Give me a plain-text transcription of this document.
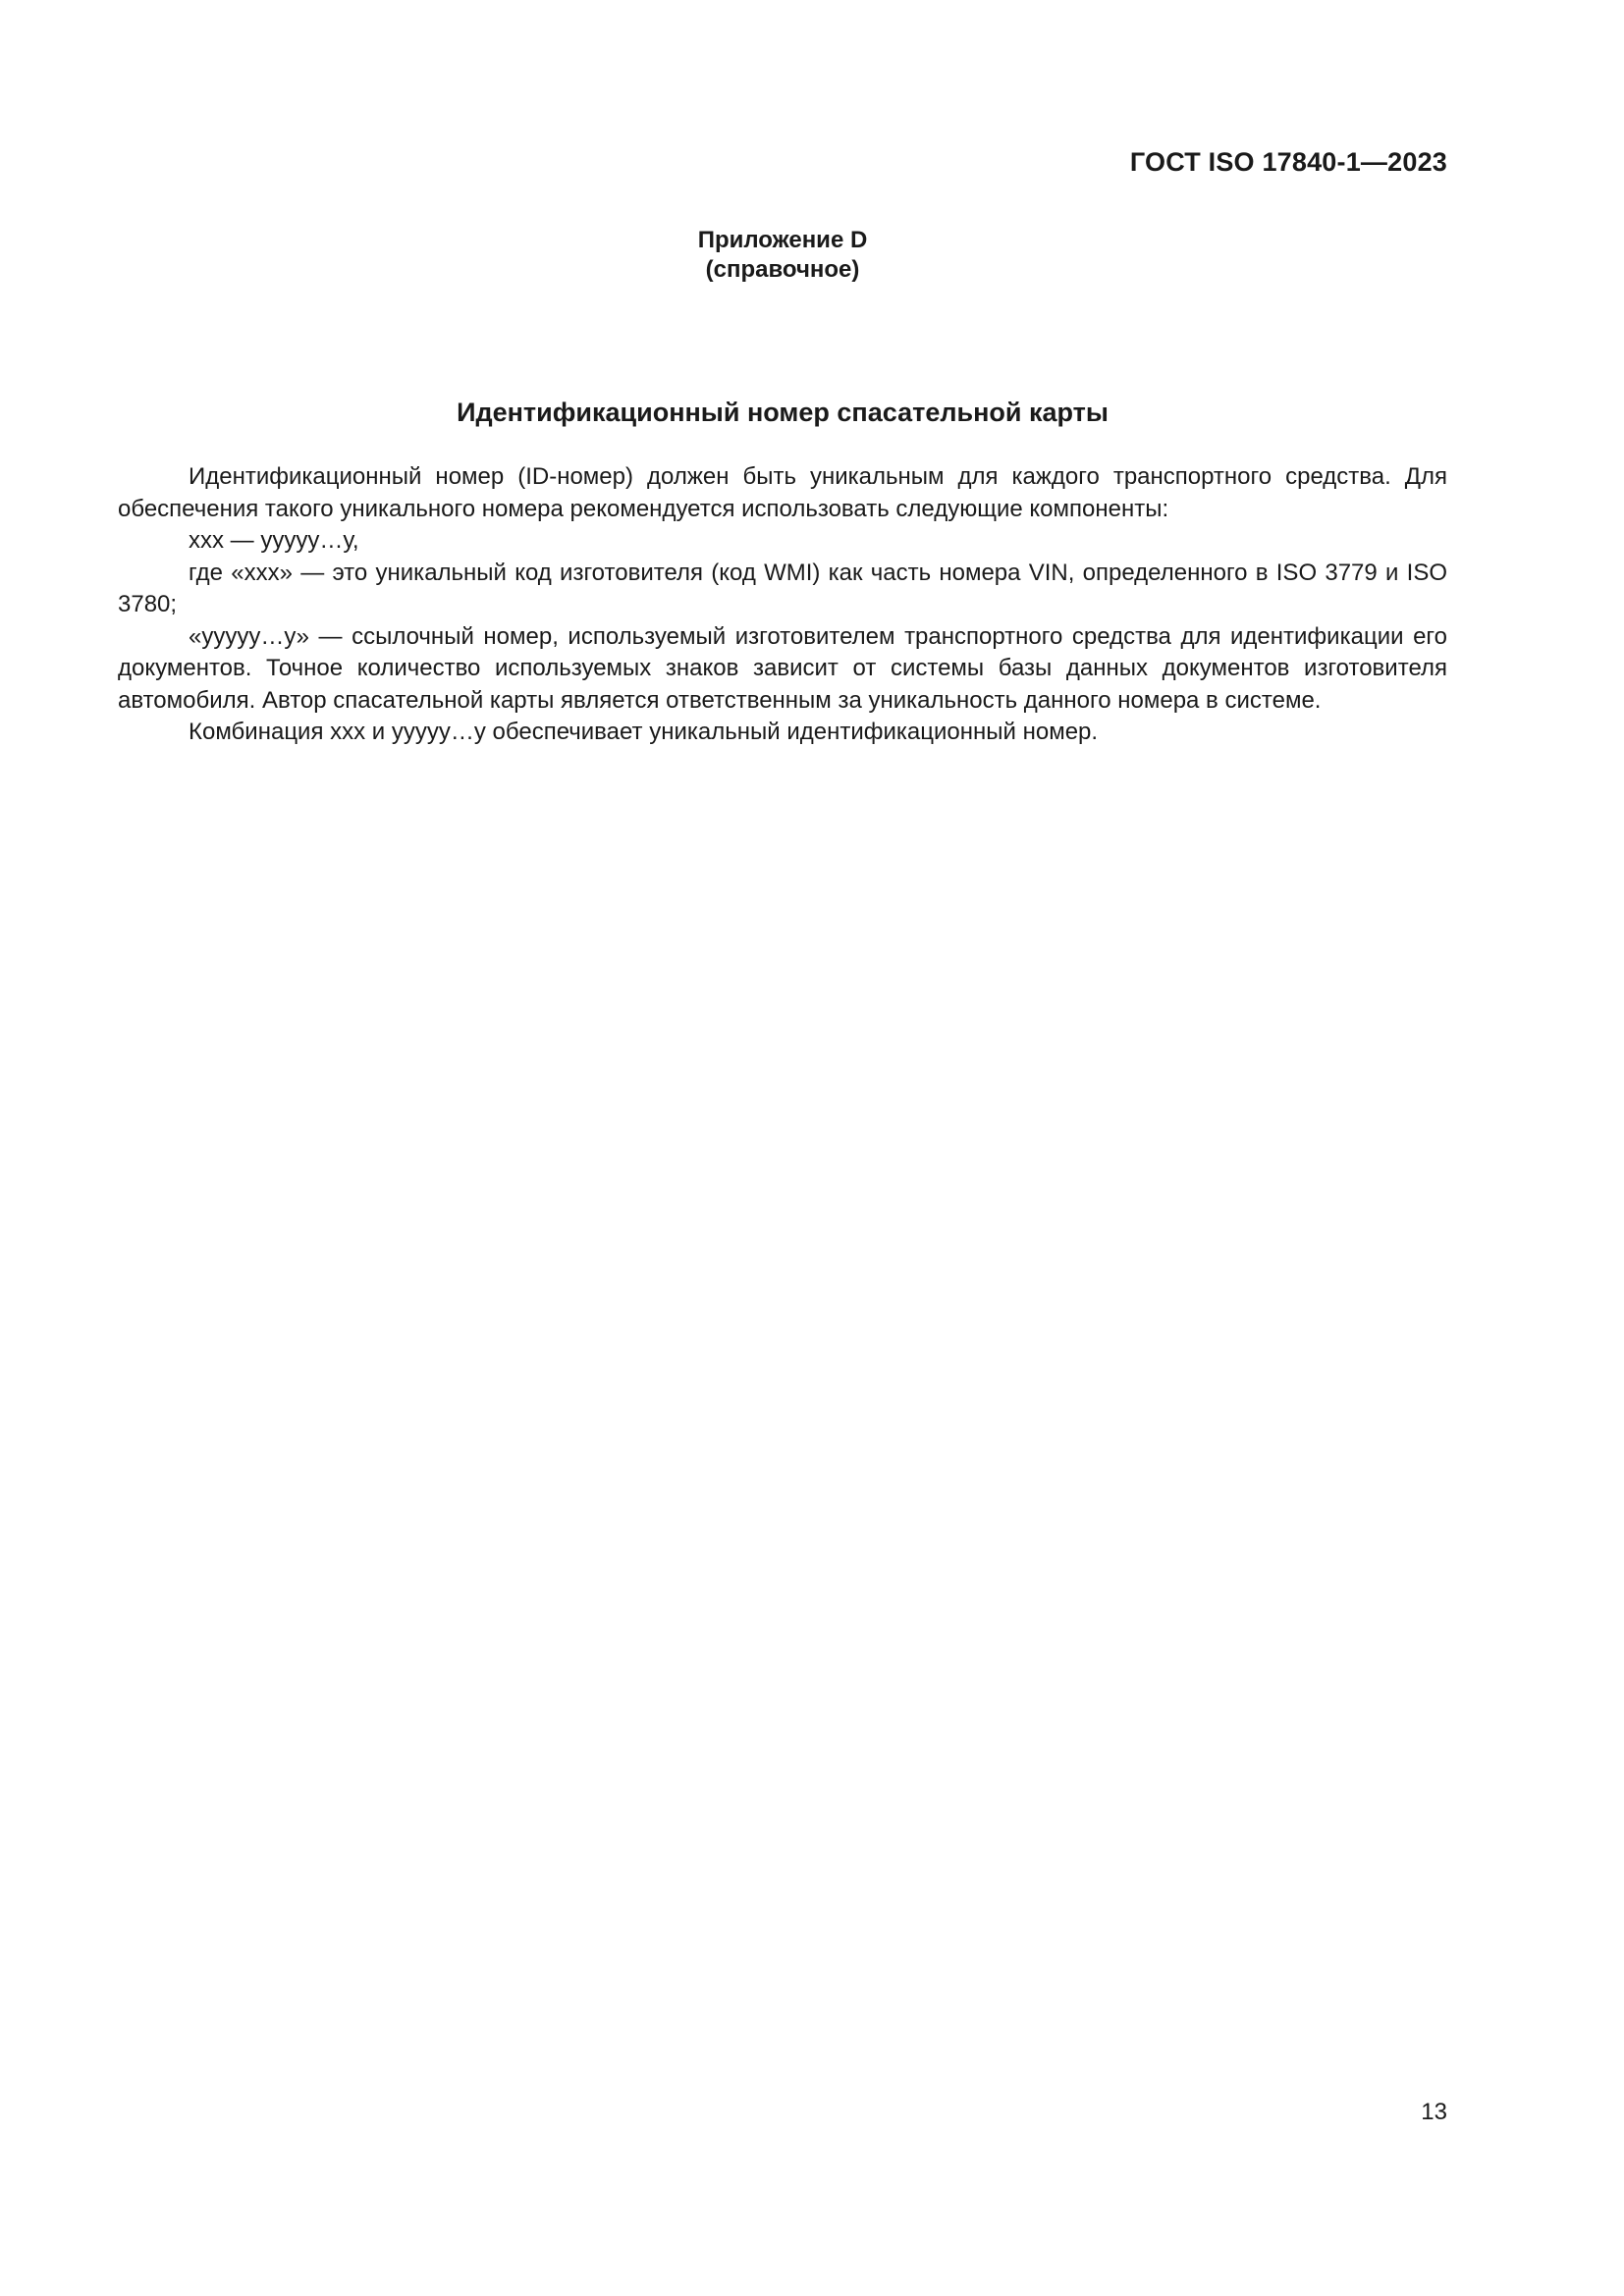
ГОСТ ISO 17840-1—2023
Приложение D
(справочное)
Идентификационный номер спасательной карты

Идентификационный номер (ID-номер) должен быть уникальным для каждого транспортного средства. Для обеспечения такого уникального номера рекомендуется использовать следующие компоненты:

ххх — ууууу…у,

где «ххх» — это уникальный код изготовителя (код WMI) как часть номера VIN, определенного в ISO 3779 и ISO 3780;

«ууууу…у» — ссылочный номер, используемый изготовителем транспортного средства для идентификации его документов. Точное количество используемых знаков зависит от системы базы данных документов изготовителя автомобиля. Автор спасательной карты является ответственным за уникальность данного номера в системе.

Комбинация ххх и ууууу…у обеспечивает уникальный идентификационный номер.

13
